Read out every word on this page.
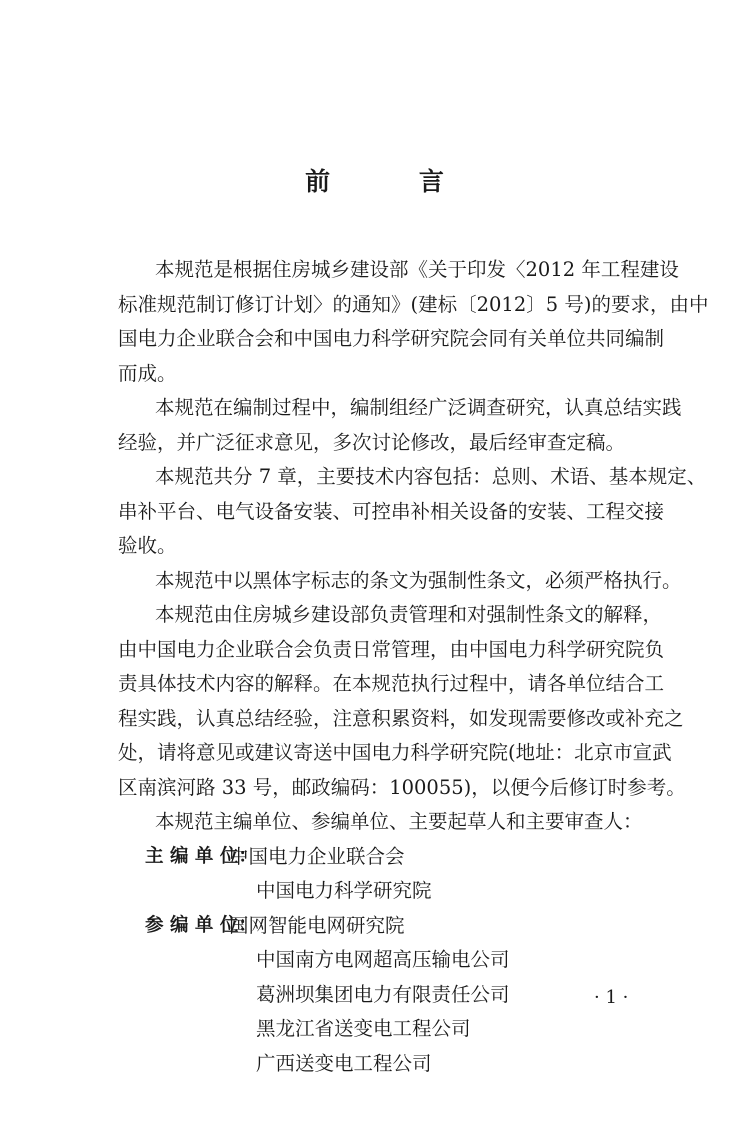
前 言
本规范是根据住房城乡建设部《关于印发〈2012 年工程建设
标准规范制订修订计划〉的通知》(建标〔2012〕5 号)的要求，由中
国电力企业联合会和中国电力科学研究院会同有关单位共同编制
而成。
本规范在编制过程中，编制组经广泛调查研究，认真总结实践
经验，并广泛征求意见，多次讨论修改，最后经审查定稿。
本规范共分 7 章，主要技术内容包括：总则、术语、基本规定、
串补平台、电气设备安装、可控串补相关设备的安装、工程交接
验收。
本规范中以黑体字标志的条文为强制性条文，必须严格执行。
本规范由住房城乡建设部负责管理和对强制性条文的解释，
由中国电力企业联合会负责日常管理，由中国电力科学研究院负
责具体技术内容的解释。在本规范执行过程中，请各单位结合工
程实践，认真总结经验，注意积累资料，如发现需要修改或补充之
处，请将意见或建议寄送中国电力科学研究院(地址：北京市宣武
区南滨河路 33 号，邮政编码：100055)，以便今后修订时参考。
本规范主编单位、参编单位、主要起草人和主要审查人：
主 编 单 位：
中国电力企业联合会
中国电力科学研究院
参 编 单 位：
国网智能电网研究院
中国南方电网超高压输电公司
葛洲坝集团电力有限责任公司
黑龙江省送变电工程公司
广西送变电工程公司
· 1 ·
